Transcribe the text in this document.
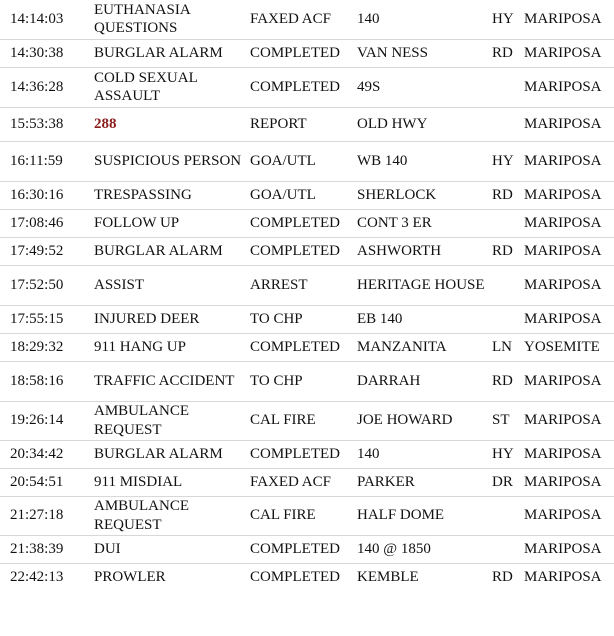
14:14:03	EUTHANASIA QUESTIONS	FAXED ACF	140	HY	MARIPOSA
14:30:38	BURGLAR ALARM	COMPLETED	VAN NESS	RD	MARIPOSA
14:36:28	COLD SEXUAL ASSAULT	COMPLETED	49S		MARIPOSA
15:53:38	288	REPORT	OLD HWY		MARIPOSA
16:11:59	SUSPICIOUS PERSON	GOA/UTL	WB 140	HY	MARIPOSA
16:30:16	TRESPASSING	GOA/UTL	SHERLOCK	RD	MARIPOSA
17:08:46	FOLLOW UP	COMPLETED	CONT 3 ER		MARIPOSA
17:49:52	BURGLAR ALARM	COMPLETED	ASHWORTH	RD	MARIPOSA
17:52:50	ASSIST	ARREST	HERITAGE HOUSE		MARIPOSA
17:55:15	INJURED DEER	TO CHP	EB 140		MARIPOSA
18:29:32	911 HANG UP	COMPLETED	MANZANITA	LN	YOSEMITE
18:58:16	TRAFFIC ACCIDENT	TO CHP	DARRAH	RD	MARIPOSA
19:26:14	AMBULANCE REQUEST	CAL FIRE	JOE HOWARD	ST	MARIPOSA
20:34:42	BURGLAR ALARM	COMPLETED	140	HY	MARIPOSA
20:54:51	911 MISDIAL	FAXED ACF	PARKER	DR	MARIPOSA
21:27:18	AMBULANCE REQUEST	CAL FIRE	HALF DOME		MARIPOSA
21:38:39	DUI	COMPLETED	140 @ 1850		MARIPOSA
22:42:13	PROWLER	COMPLETED	KEMBLE	RD	MARIPOSA
